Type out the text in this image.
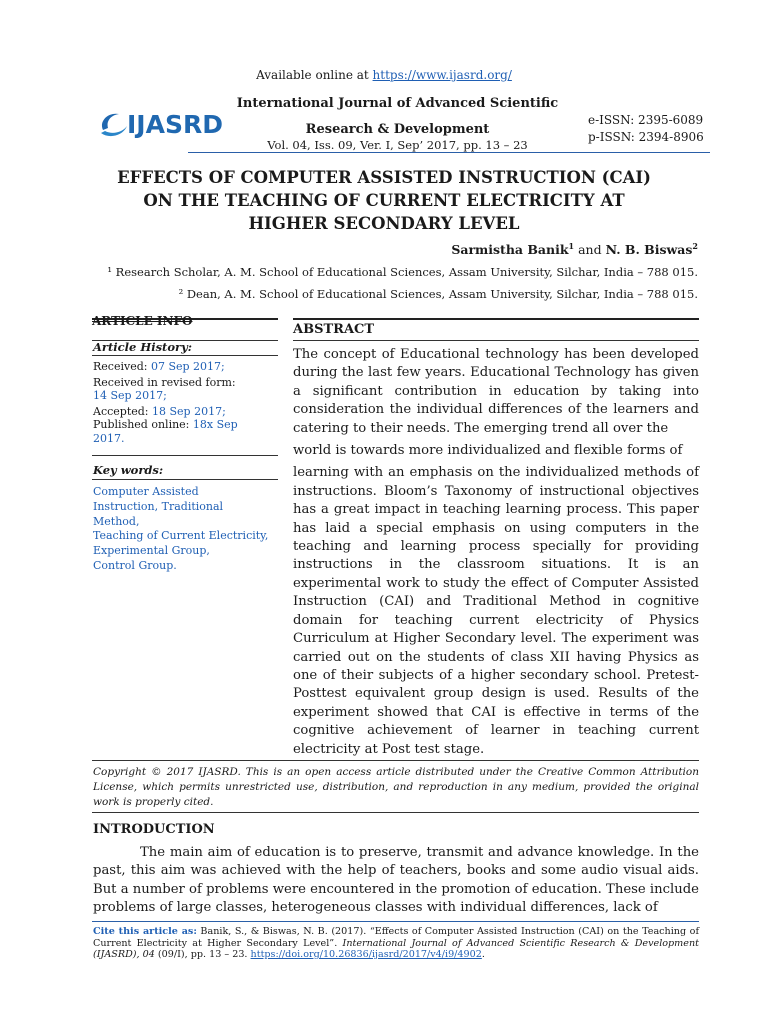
Available online at https://www.ijasrd.org/
IJASRD
International Journal of Advanced Scientific
Research & Development
Vol. 04, Iss. 09, Ver. I, Sep’ 2017, pp. 13 – 23
e-ISSN: 2395-6089
p-ISSN: 2394-8906
EFFECTS OF COMPUTER ASSISTED INSTRUCTION (CAI)
ON THE TEACHING OF CURRENT ELECTRICITY AT
HIGHER SECONDARY LEVEL
Sarmistha Banik$^1$ and N. B. Biswas$^2$
¹ Research Scholar, A. M. School of Educational Sciences, Assam University, Silchar, India – 788 015.
² Dean, A. M. School of Educational Sciences, Assam University, Silchar, India – 788 015.
ARTICLE INFO
Article History:
Received: 07 Sep 2017;
Received in revised form:
14 Sep 2017;
Accepted: 18 Sep 2017;
Published online: 18x Sep
2017.
Key words:
Computer Assisted
Instruction, Traditional
Method,
Teaching of Current Electricity,
Experimental Group,
Control Group.
ABSTRACT

The concept of Educational technology has been developed during the last few years. Educational Technology has given a significant contribution in education by taking into consideration the individual differences of the learners and catering to their needs. The emerging trend all over the

world is towards more individualized and flexible forms of

learning with an emphasis on the individualized methods of instructions. Bloom’s Taxonomy of instructional objectives has a great impact in teaching learning process. This paper has laid a special emphasis on using computers in the teaching and learning process specially for providing instructions in the classroom situations. It is an experimental work to study the effect of Computer Assisted Instruction (CAI) and Traditional Method in cognitive domain for teaching current electricity of Physics Curriculum at Higher Secondary level. The experiment was carried out on the students of class XII having Physics as one of their subjects of a higher secondary school. Pretest-Posttest equivalent group design is used. Results of the experiment showed that CAI is effective in terms of the cognitive achievement of learner in teaching current electricity at Post test stage.

Copyright © 2017 IJASRD. This is an open access article distributed under the Creative Common Attribution License, which permits unrestricted use, distribution, and reproduction in any medium, provided the original work is properly cited.
INTRODUCTION
The main aim of education is to preserve, transmit and advance knowledge. In the past, this aim was achieved with the help of teachers, books and some audio visual aids. But a number of problems were encountered in the promotion of education. These include problems of large classes, heterogeneous classes with individual differences, lack of
Cite this article as: Banik, S., & Biswas, N. B. (2017). “Effects of Computer Assisted Instruction (CAI) on the Teaching of Current Electricity at Higher Secondary Level”. International Journal of Advanced Scientific Research & Development (IJASRD), 04 (09/I), pp. 13 – 23. https://doi.org/10.26836/ijasrd/2017/v4/i9/4902.
